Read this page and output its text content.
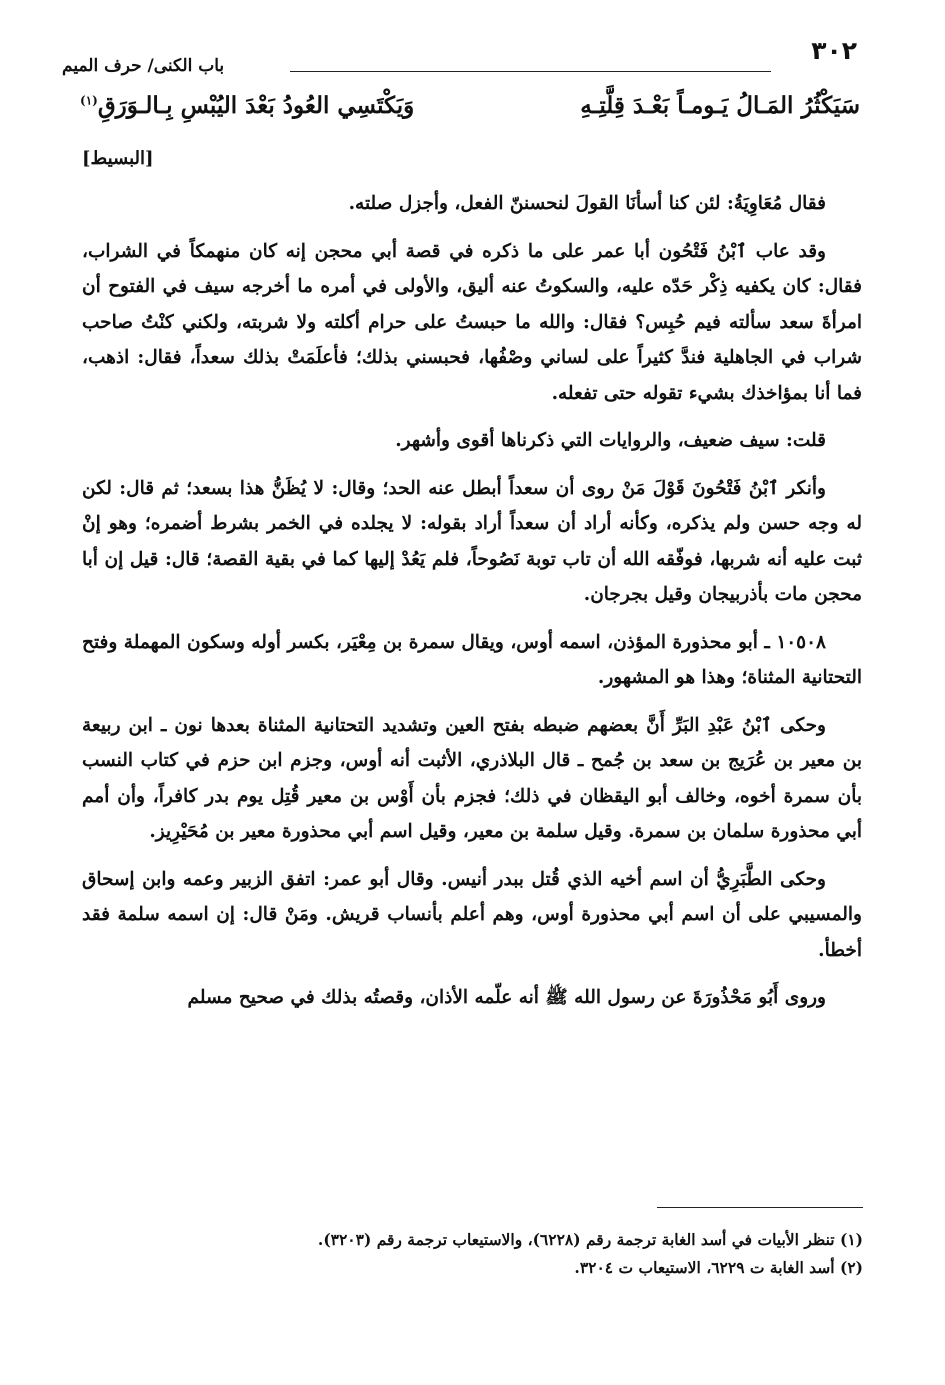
٣٠٢
باب الكنى/ حرف الميم
سَيَكْثُرُ المَـالُ يَـومـاً بَعْـدَ قِلَّتِـهِ
وَيَكْتَسِي العُودُ بَعْدَ اليُبْسِ بِـالـوَرَقِ$^{(١)}$
[البسيط]

فقال مُعَاوِيَةُ: لئن كنا أسأنَا القولَ لنحسننّ الفعل، وأجزل صلته.

وقد عاب ٱبْنُ فَتْحُون أبا عمر على ما ذكره في قصة أبي محجن إنه كان منهمكاً في الشراب، فقال: كان يكفيه ذِكْر حَدّه عليه، والسكوتُ عنه أليق، والأولى في أمره ما أخرجه سيف في الفتوح أن امرأةَ سعد سألته فيم حُبِس؟ فقال: والله ما حبستُ على حرام أكلته ولا شربته، ولكني كنْتُ صاحب شراب في الجاهلية فندَّ كثيراً على لساني وصْفُها، فحبسني بذلك؛ فأعلَمَتْ بذلك سعداً، فقال: اذهب، فما أنا بمؤاخذك بشيء تقوله حتى تفعله.

قلت: سيف ضعيف، والروايات التي ذكرناها أقوى وأشهر.

وأنكر ٱبْنُ فَتْحُونَ قَوْلَ مَنْ روى أن سعداً أبطل عنه الحد؛ وقال: لا يُظَنُّ هذا بسعد؛ ثم قال: لكن له وجه حسن ولم يذكره، وكأنه أراد أن سعداً أراد بقوله: لا يجلده في الخمر بشرط أضمره؛ وهو إنْ ثبت عليه أنه شربها، فوفّقه الله أن تاب توبة نَصُوحاً، فلم يَعُدْ إليها كما في بقية القصة؛ قال: قيل إن أبا محجن مات بأذربيجان وقيل بجرجان.

١٠٥٠٨ ـ أبو محذورة المؤذن، اسمه أوس، ويقال سمرة بن مِعْيَر، بكسر أوله وسكون المهملة وفتح التحتانية المثناة؛ وهذا هو المشهور.

وحكى ٱبْنُ عَبْدِ البَرِّ أَنَّ بعضهم ضبطه بفتح العين وتشديد التحتانية المثناة بعدها نون ـ ابن ربيعة بن معير بن عُرَيج بن سعد بن جُمح ـ قال البلاذري، الأثبت أنه أوس، وجزم ابن حزم في كتاب النسب بأن سمرة أخوه، وخالف أبو اليقظان في ذلك؛ فجزم بأن أَوْس بن معير قُتِل يوم بدر كافراً، وأن أمم أبي محذورة سلمان بن سمرة. وقيل سلمة بن معير، وقيل اسم أبي محذورة معير بن مُحَيْرِيز.

وحكى الطَّبَرِيُّ أن اسم أخيه الذي قُتل ببدر أنيس. وقال أبو عمر: اتفق الزبير وعمه وابن إسحاق والمسيبي على أن اسم أبي محذورة أوس، وهم أعلم بأنساب قريش. ومَنْ قال: إن اسمه سلمة فقد أخطأ.

وروى أَبُو مَحْذُورَةَ عن رسول الله ﷺ أنه علّمه الأذان، وقصتُه بذلك في صحيح مسلم

(١) تنظر الأبيات في أسد الغابة ترجمة رقم (٦٢٢٨)، والاستيعاب ترجمة رقم (٣٢٠٣).

(٢) أسد الغابة ت ٦٢٢٩، الاستيعاب ت ٣٢٠٤.
